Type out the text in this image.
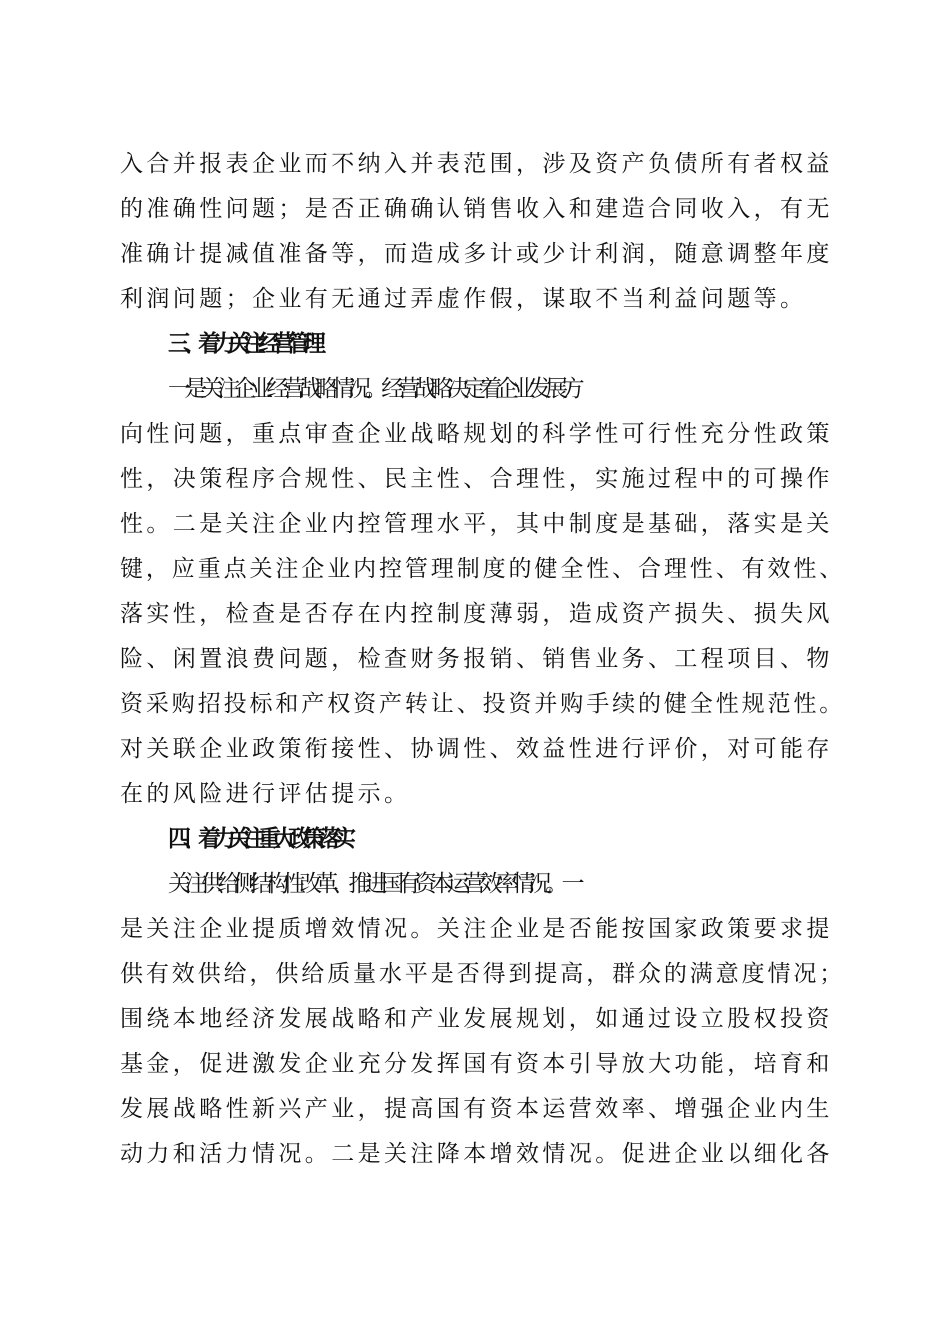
入合并报表企业而不纳入并表范围，涉及资产负债所有者权益
的准确性问题；是否正确确认销售收入和建造合同收入，有无
准确计提减值准备等，而造成多计或少计利润，随意调整年度
利润问题；企业有无通过弄虚作假，谋取不当利益问题等。
三、着力关注经营管理
一是关注企业经营战略情况。经营战略决定着企业发展方
向性问题，重点审查企业战略规划的科学性可行性充分性政策
性，决策程序合规性、民主性、合理性，实施过程中的可操作
性。二是关注企业内控管理水平，其中制度是基础，落实是关
键，应重点关注企业内控管理制度的健全性、合理性、有效性、
落实性，检查是否存在内控制度薄弱，造成资产损失、损失风
险、闲置浪费问题，检查财务报销、销售业务、工程项目、物
资采购招投标和产权资产转让、投资并购手续的健全性规范性。
对关联企业政策衔接性、协调性、效益性进行评价，对可能存
在的风险进行评估提示。
四、着力关注重大政策落实
关注供给侧结构性改革、推进国有资本运营效率情况。一
是关注企业提质增效情况。关注企业是否能按国家政策要求提
供有效供给，供给质量水平是否得到提高，群众的满意度情况；
围绕本地经济发展战略和产业发展规划，如通过设立股权投资
基金，促进激发企业充分发挥国有资本引导放大功能，培育和
发展战略性新兴产业，提高国有资本运营效率、增强企业内生
动力和活力情况。二是关注降本增效情况。促进企业以细化各
